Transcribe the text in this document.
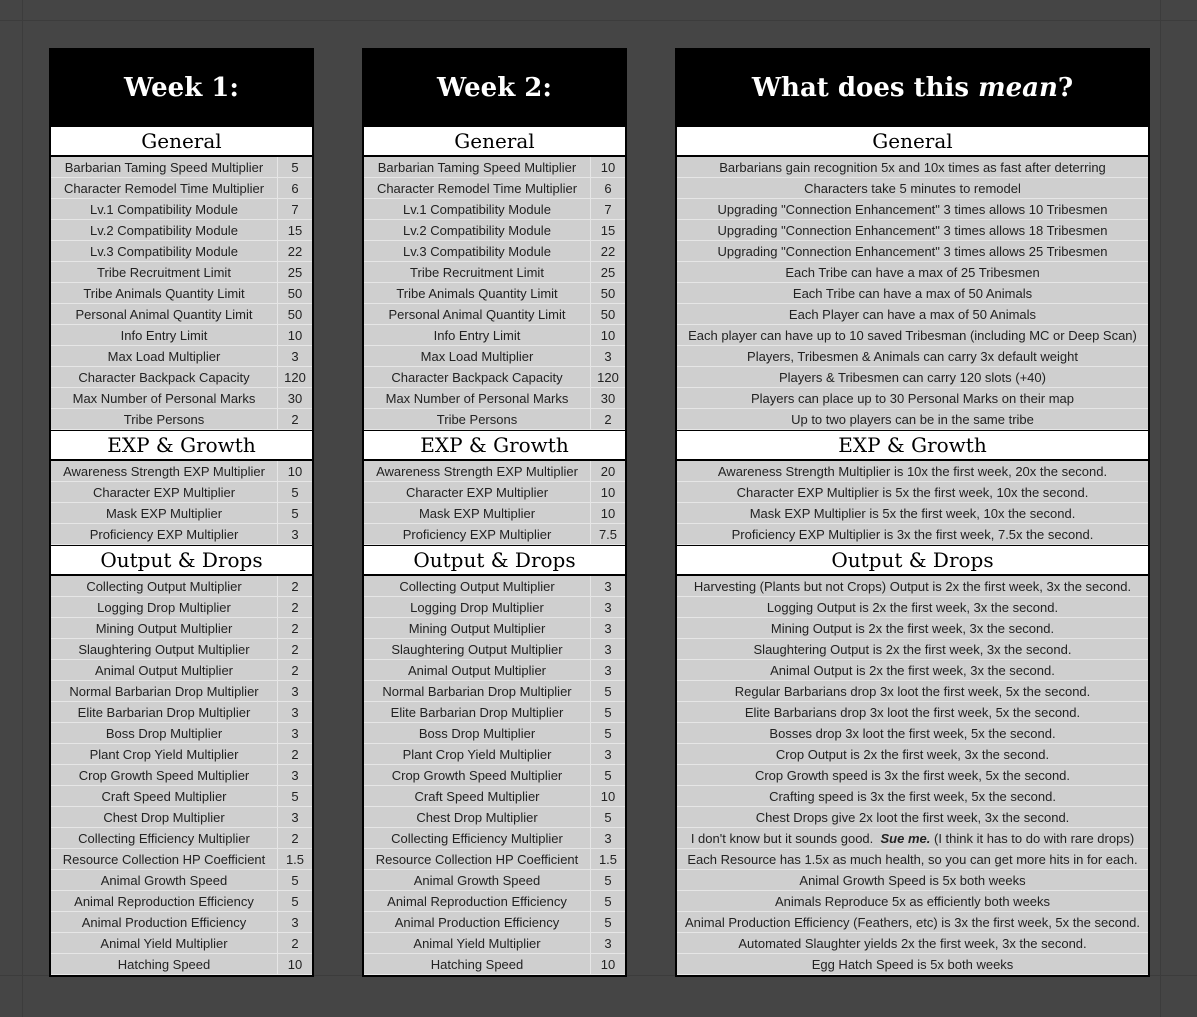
Week 1:
General
Barbarian Taming Speed Multiplier	5
Character Remodel Time Multiplier	6
Lv.1 Compatibility Module	7
Lv.2 Compatibility Module	15
Lv.3 Compatibility Module	22
Tribe Recruitment Limit	25
Tribe Animals Quantity Limit	50
Personal Animal Quantity Limit	50
Info Entry Limit	10
Max Load Multiplier	3
Character Backpack Capacity	120
Max Number of Personal Marks	30
Tribe Persons	2
EXP & Growth
Awareness Strength EXP Multiplier	10
Character EXP Multiplier	5
Mask EXP Multiplier	5
Proficiency EXP Multiplier	3
Output & Drops
Collecting Output Multiplier	2
Logging Drop Multiplier	2
Mining Output Multiplier	2
Slaughtering Output Multiplier	2
Animal Output Multiplier	2
Normal Barbarian Drop Multiplier	3
Elite Barbarian Drop Multiplier	3
Boss Drop Multiplier	3
Plant Crop Yield Multiplier	2
Crop Growth Speed Multiplier	3
Craft Speed Multiplier	5
Chest Drop Multiplier	3
Collecting Efficiency Multiplier	2
Resource Collection HP Coefficient	1.5
Animal Growth Speed	5
Animal Reproduction Efficiency	5
Animal Production Efficiency	3
Animal Yield Multiplier	2
Hatching Speed	10
Week 2:
General
Barbarian Taming Speed Multiplier	10
Character Remodel Time Multiplier	6
Lv.1 Compatibility Module	7
Lv.2 Compatibility Module	15
Lv.3 Compatibility Module	22
Tribe Recruitment Limit	25
Tribe Animals Quantity Limit	50
Personal Animal Quantity Limit	50
Info Entry Limit	10
Max Load Multiplier	3
Character Backpack Capacity	120
Max Number of Personal Marks	30
Tribe Persons	2
EXP & Growth
Awareness Strength EXP Multiplier	20
Character EXP Multiplier	10
Mask EXP Multiplier	10
Proficiency EXP Multiplier	7.5
Output & Drops
Collecting Output Multiplier	3
Logging Drop Multiplier	3
Mining Output Multiplier	3
Slaughtering Output Multiplier	3
Animal Output Multiplier	3
Normal Barbarian Drop Multiplier	5
Elite Barbarian Drop Multiplier	5
Boss Drop Multiplier	5
Plant Crop Yield Multiplier	3
Crop Growth Speed Multiplier	5
Craft Speed Multiplier	10
Chest Drop Multiplier	5
Collecting Efficiency Multiplier	3
Resource Collection HP Coefficient	1.5
Animal Growth Speed	5
Animal Reproduction Efficiency	5
Animal Production Efficiency	5
Animal Yield Multiplier	3
Hatching Speed	10
What does this mean ?
General
Barbarians gain recognition 5x and 10x times as fast after deterring
Characters take 5 minutes to remodel
Upgrading "Connection Enhancement" 3 times allows 10 Tribesmen
Upgrading "Connection Enhancement" 3 times allows 18 Tribesmen
Upgrading "Connection Enhancement" 3 times allows 25 Tribesmen
Each Tribe can have a max of 25 Tribesmen
Each Tribe can have a max of 50 Animals
Each Player can have a max of 50 Animals
Each player can have up to 10 saved Tribesman (including MC or Deep Scan)
Players, Tribesmen & Animals can carry 3x default weight
Players & Tribesmen can carry 120 slots (+40)
Players can place up to 30 Personal Marks on their map
Up to two players can be in the same tribe
EXP & Growth
Awareness Strength Multiplier is 10x the first week, 20x the second.
Character EXP Multiplier is 5x the first week, 10x the second.
Mask EXP Multiplier is 5x the first week, 10x the second.
Proficiency EXP Multiplier is 3x the first week, 7.5x the second.
Output & Drops
Harvesting (Plants but not Crops) Output is 2x the first week, 3x the second.
Logging Output is 2x the first week, 3x the second.
Mining Output is 2x the first week, 3x the second.
Slaughtering Output is 2x the first week, 3x the second.
Animal Output is 2x the first week, 3x the second.
Regular Barbarians drop 3x loot the first week, 5x the second.
Elite Barbarians drop 3x loot the first week, 5x the second.
Bosses drop 3x loot the first week, 5x the second.
Crop Output is 2x the first week, 3x the second.
Crop Growth speed is 3x the first week, 5x the second.
Crafting speed is 3x the first week, 5x the second.
Chest Drops give 2x loot the first week, 3x the second.
I don't know but it sounds good. Sue me. (I think it has to do with rare drops)
Each Resource has 1.5x as much health, so you can get more hits in for each.
Animal Growth Speed is 5x both weeks
Animals Reproduce 5x as efficiently both weeks
Animal Production Efficiency (Feathers, etc) is 3x the first week, 5x the second.
Automated Slaughter yields 2x the first week, 3x the second.
Egg Hatch Speed is 5x both weeks
